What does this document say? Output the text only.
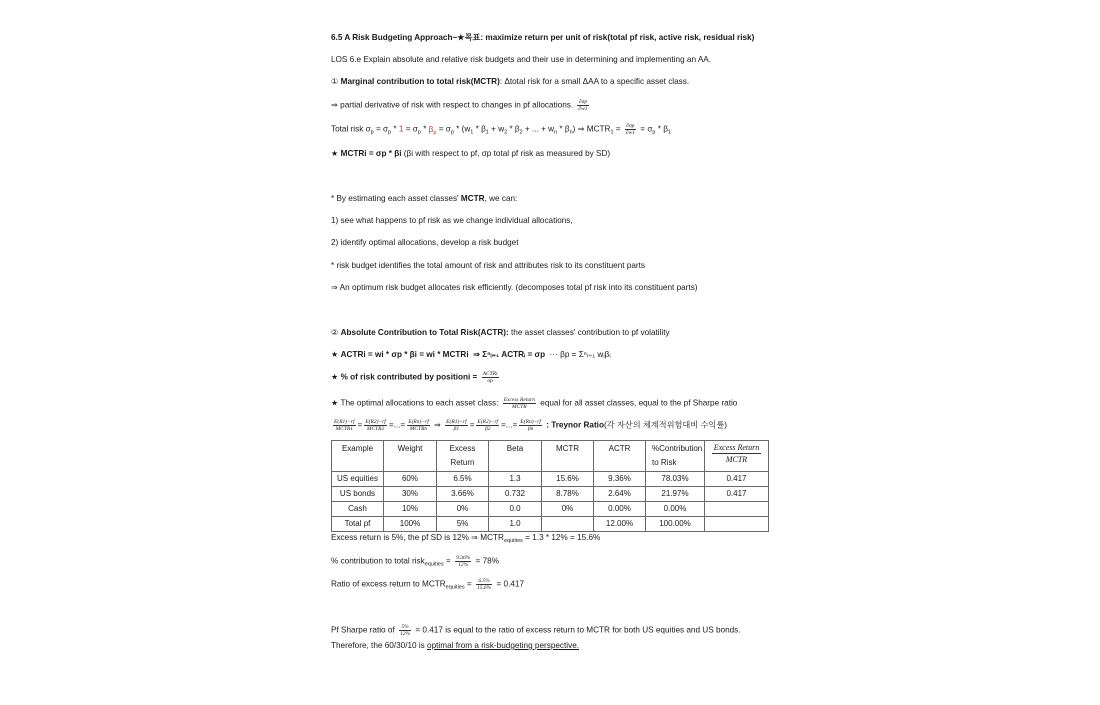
6.5 A Risk Budgeting Approach~★목표: maximize return per unit of risk(total pf risk, active risk, residual risk)
LOS 6.e Explain absolute and relative risk budgets and their use in determining and implementing an AA.
① Marginal contribution to total risk(MCTR): Δtotal risk for a small ΔAA to a specific asset class.
⇒ partial derivative of risk with respect to changes in pf allocations. $\frac{\partial\sigma p}{\partial w1}$
Total risk $\sigma_p = \sigma_p * 1 = \sigma_p * \beta_p = \sigma_p * (w_1 * \beta_1 + w_2 * \beta_2$ + ... + $w_n * \beta_n$) ⇒ $MCTR_1 = \frac{\partial\sigma p}{\partial w1} = \sigma_p * \beta_1$
★ MCTRi = σp * βi (βi with respect to pf, σp total pf risk as measured by SD)
* By estimating each asset classes' MCTR, we can:
1) see what happens to pf risk as we change individual allocations,
2) identify optimal allocations, develop a risk budget
* risk budget identifies the total amount of risk and attributes risk to its constituent parts
⇒ An optimum risk budget allocates risk efficiently. (decomposes total pf risk into its constituent parts)
② Absolute Contribution to Total Risk(ACTR): the asset classes' contribution to pf volatility
★ ACTRi = wi * σp * βi = wi * MCTRi ⇒ Σⁿᵢ₌₁ ACTRᵢ = σp ··· βp = Σⁿᵢ₌₁ wᵢβᵢ
★ % of risk contributed by positioni = $\frac{\text{ACTRi}}{\sigma p}$
★ The optimal allocations to each asset class: $\frac{\text{Excess Return}}{\text{MCTR}}$ equal for all asset classes, equal to the pf Sharpe ratio
$\frac{E(R1)-rf}{\text{MCTR1}} = \frac{E(R2)-rf}{\text{MCTR2}}$ =...= $\frac{E(Rn)-rf}{\text{MCTRn}}$ ⇒ $\frac{E(R1)-rf}{\beta 1} = \frac{E(R2)-rf}{\beta 2}$ =...= $\frac{E(Rn)-rf}{\beta n}$ : Treynor Ratio(각 자산의 체계적위험대비 수익률)
Example	Weight	Excess Return	Beta	MCTR	ACTR	%Contribution to Risk	Excess Return
MCTR
US equities	60%	6.5%	1.3	15.6%	9.36%	78.03%	0.417
US bonds	30%	3.66%	0.732	8.78%	2.64%	21.97%	0.417
Cash	10%	0%	0.0	0%	0.00%	0.00%	
Total pf	100%	5%	1.0		12.00%	100.00%	
Excess return is 5%, the pf SD is 12% ⇒ $MCTR_{equities} = 1.3 * 12\% = 15.6\%$
% contribution to total risk$_{equities}$ = $\frac{9.36\%}{12\%} = 78\%$
Ratio of excess return to $MCTR_{equities} = \frac{6.5\%}{15.6\%} = 0.417$
Pf Sharpe ratio of $\frac{5\%}{12\%} = 0.417$ is equal to the ratio of excess return to MCTR for both US equities and US bonds.
Therefore, the 60/30/10 is optimal from a risk-budgeting perspective.
